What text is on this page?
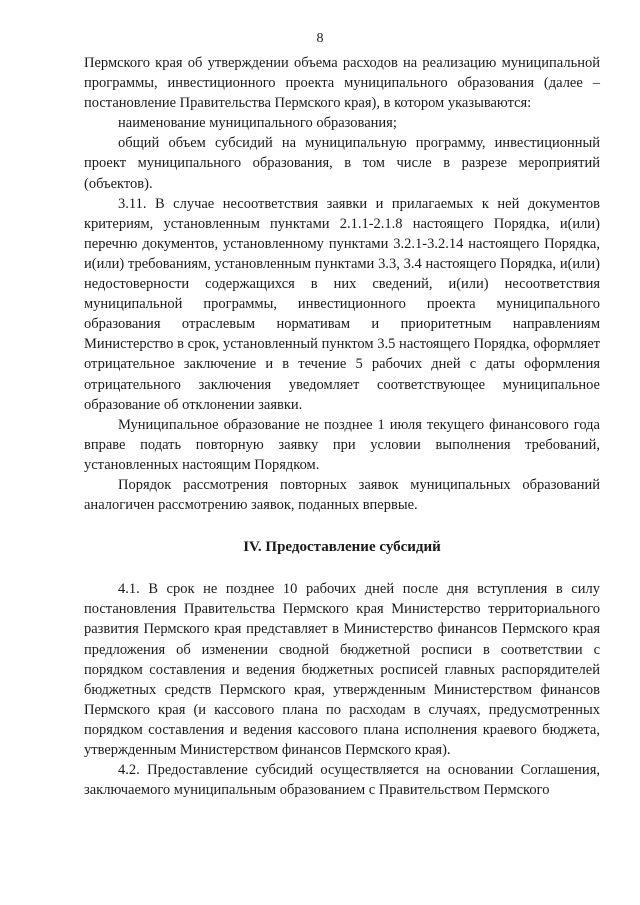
8

Пермского края об утверждении объема расходов на реализацию муниципальной программы, инвестиционного проекта муниципального образования (далее – постановление Правительства Пермского края), в котором указываются:

наименование муниципального образования;

общий объем субсидий на муниципальную программу, инвестиционный проект муниципального образования, в том числе в разрезе мероприятий (объектов).

3.11. В случае несоответствия заявки и прилагаемых к ней документов критериям, установленным пунктами 2.1.1-2.1.8 настоящего Порядка, и(или) перечню документов, установленному пунктами 3.2.1-3.2.14 настоящего Порядка, и(или) требованиям, установленным пунктами 3.3, 3.4 настоящего Порядка, и(или) недостоверности содержащихся в них сведений, и(или) несоответствия муниципальной программы, инвестиционного проекта муниципального образования отраслевым нормативам и приоритетным направлениям Министерство в срок, установленный пунктом 3.5 настоящего Порядка, оформляет отрицательное заключение и в течение 5 рабочих дней с даты оформления отрицательного заключения уведомляет соответствующее муниципальное образование об отклонении заявки.

Муниципальное образование не позднее 1 июля текущего финансового года вправе подать повторную заявку при условии выполнения требований, установленных настоящим Порядком.

Порядок рассмотрения повторных заявок муниципальных образований аналогичен рассмотрению заявок, поданных впервые.

IV. Предоставление субсидий

4.1. В срок не позднее 10 рабочих дней после дня вступления в силу постановления Правительства Пермского края Министерство территориального развития Пермского края представляет в Министерство финансов Пермского края предложения об изменении сводной бюджетной росписи в соответствии с порядком составления и ведения бюджетных росписей главных распорядителей бюджетных средств Пермского края, утвержденным Министерством финансов Пермского края (и кассового плана по расходам в случаях, предусмотренных порядком составления и ведения кассового плана исполнения краевого бюджета, утвержденным Министерством финансов Пермского края).

4.2. Предоставление субсидий осуществляется на основании Соглашения, заключаемого муниципальным образованием с Правительством Пермского
